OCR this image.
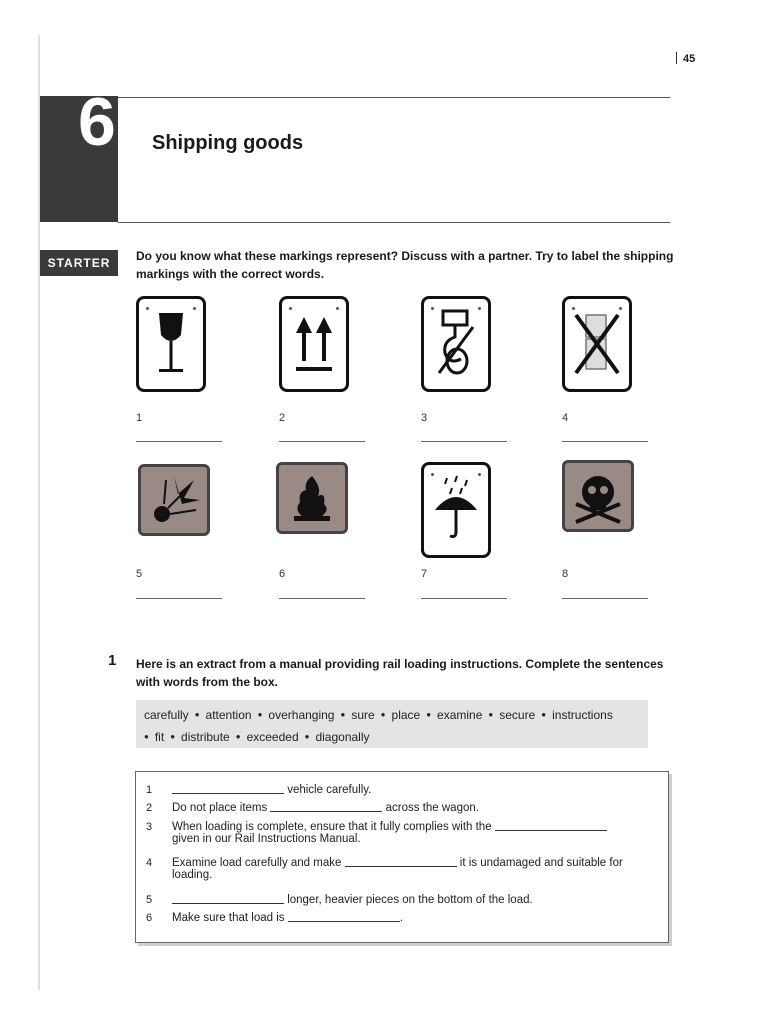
45
6 Shipping goods
STARTER	Do you know what these markings represent? Discuss with a partner. Try to label the shipping markings with the correct words.
1	2	3	4
5	6	7	8
1 Here is an extract from a manual providing rail loading instructions. Complete the sentences with words from the box.
carefully ● attention ● overhanging ● sure ● place ● examine ● secure ● instructions
● fit ● distribute ● exceeded ● diagonally
1	vehicle carefully.
2 Do not place items	across the wagon.
3 When loading is complete, ensure that it fully complies with the
given in our Rail Instructions Manual.
4 Examine load carefully and make	it is undamaged and suitable for
loading.
5	longer, heavier pieces on the bottom of the load.
6 Make sure that load is	.
